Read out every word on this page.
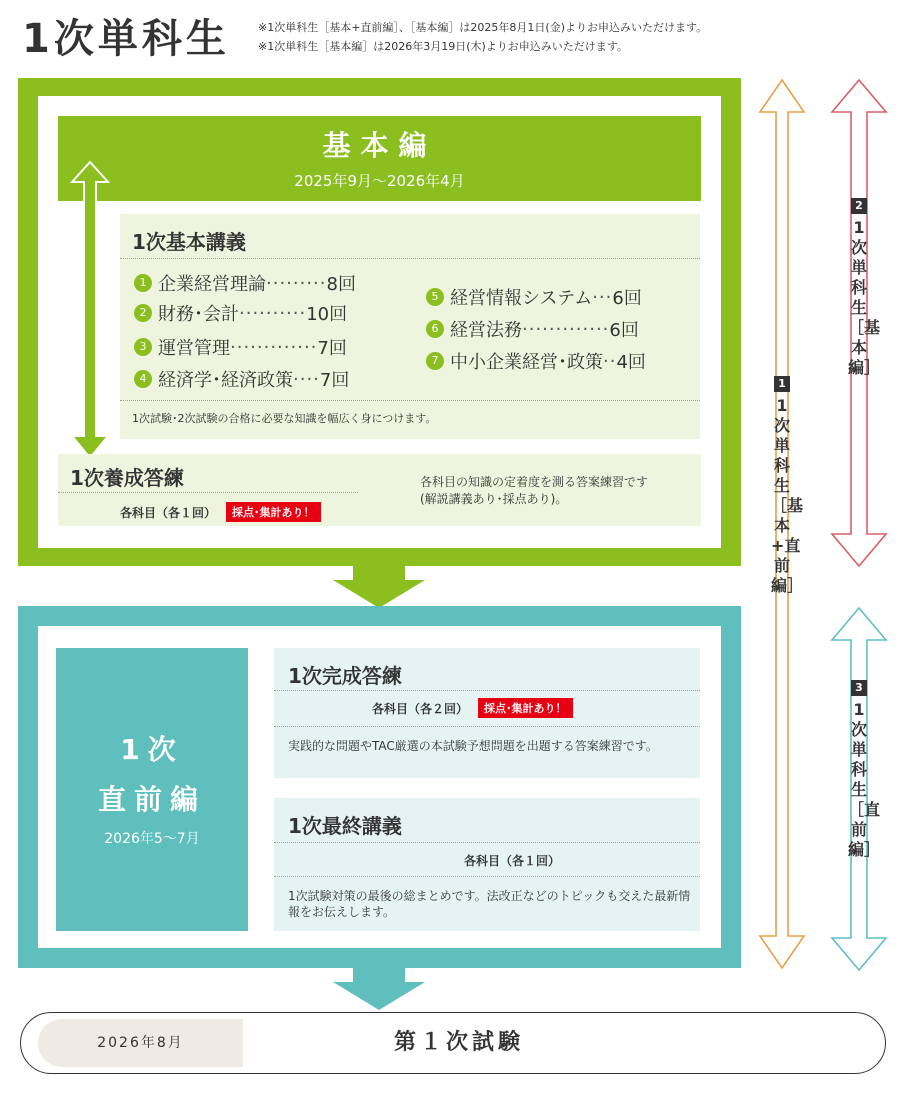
1次単科生	※1次単科生［基本+直前編］、［基本編］は2025年8月1日(金)よりお申込みいただけます。
※1次単科生［基本編］は2026年3月19日(木)よりお申込みいただけます。
基本編
2025年9月～2026年4月
1次基本講義
1 企業経営理論 ········· 8回
2 財務･会計 ·········· 10回
3 運営管理 ············· 7回
4 経済学･経済政策 ···· 7回
5 経営情報システム ··· 6回
6 経営法務 ············· 6回
7 中小企業経営･政策 ·· 4回
1次試験･2次試験の合格に必要な知識を幅広く身につけます。
1次養成答練
各科目（各１回）	採点･集計あり！
各科目の知識の定着度を測る答案練習です
(解説講義あり･採点あり)。
1次
直前編
2026年5～7月
1次完成答練
各科目（各２回）	採点･集計あり！
実践的な問題やTAC厳選の本試験予想問題を出題する答案練習です。
1次最終講義
各科目（各１回）
1次試験対策の最後の総まとめです。法改正などのトピックも交えた最新情報をお伝えします。
2026年8月	第１次試験
1
1次単科生［基本+直前編］
2
1次単科生［基本編］
3
1次単科生［直前編］
